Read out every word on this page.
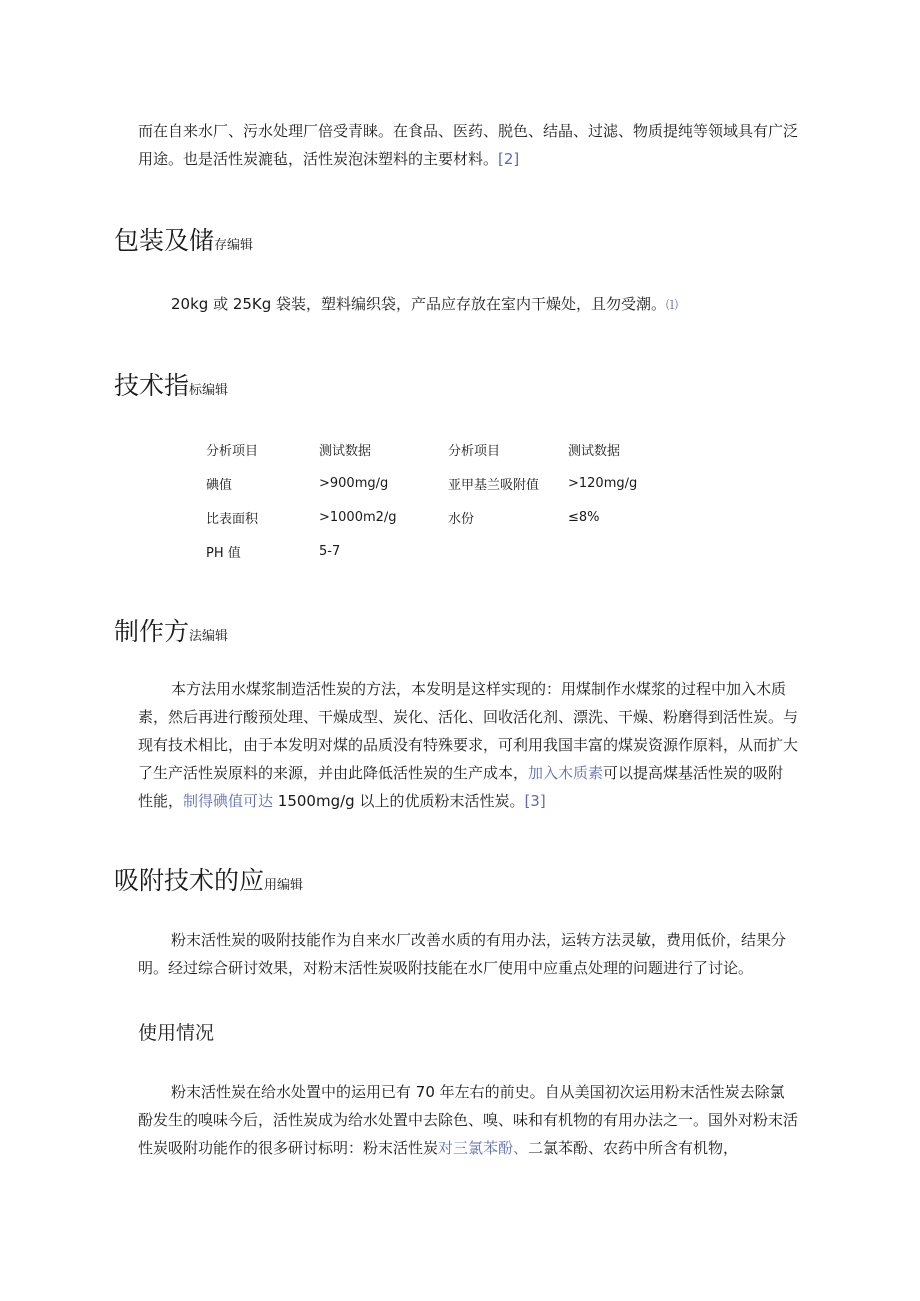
而在自来水厂、污水处理厂倍受青睐。在食品、医药、脱色、结晶、过滤、物质提纯等领域具有广泛用途。也是活性炭漉毡，活性炭泡沫塑料的主要材料。[2]

包装及储存编辑

20kg 或 25Kg 袋装，塑料编织袋，产品应存放在室内干燥处，且勿受潮。⑴

技术指标编辑
分析项目	测试数据	分析项目	测试数据
碘值	>900mg∕g	亚甲基兰吸附值	>120mg∕g
比表面积	>1000m2∕g	水份	≤8%
PH 值	5-7		
制作方法编辑

本方法用水煤浆制造活性炭的方法，本发明是这样实现的：用煤制作水煤浆的过程中加入木质素，然后再进行酸预处理、干燥成型、炭化、活化、回收活化剂、漂洗、干燥、粉磨得到活性炭。与现有技术相比，由于本发明对煤的品质没有特殊要求，可利用我国丰富的煤炭资源作原料，从而扩大了生产活性炭原料的来源，并由此降低活性炭的生产成本，加入木质素可以提高煤基活性炭的吸附性能，制得碘值可达 1500mg∕g 以上的优质粉末活性炭。[3]

吸附技术的应用编辑

粉末活性炭的吸附技能作为自来水厂改善水质的有用办法，运转方法灵敏，费用低价，结果分明。经过综合研讨效果，对粉末活性炭吸附技能在水厂使用中应重点处理的问题进行了讨论。

使用情况

粉末活性炭在给水处置中的运用已有 70 年左右的前史。自从美国初次运用粉末活性炭去除氯酚发生的嗅味今后，活性炭成为给水处置中去除色、嗅、味和有机物的有用办法之一。国外对粉末活性炭吸附功能作的很多研讨标明：粉末活性炭对三氯苯酚、二氯苯酚、农药中所含有机物，
